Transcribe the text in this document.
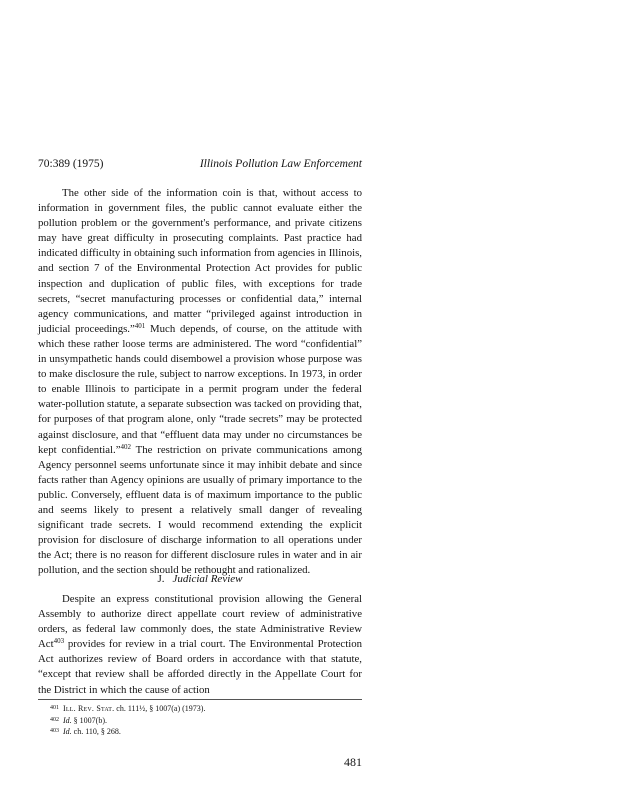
70:389 (1975)	Illinois Pollution Law Enforcement

The other side of the information coin is that, without access to information in government files, the public cannot evaluate either the pollution problem or the government's performance, and private citizens may have great difficulty in prosecuting complaints. Past practice had indicated difficulty in obtaining such information from agencies in Illinois, and section 7 of the Environmental Protection Act provides for public inspection and duplication of public files, with exceptions for trade secrets, “secret manufacturing processes or confidential data,” internal agency communications, and matter “privileged against introduction in judicial proceedings.”$^{401}$ Much depends, of course, on the attitude with which these rather loose terms are administered. The word “confidential” in unsympathetic hands could disembowel a provision whose purpose was to make disclosure the rule, subject to narrow exceptions. In 1973, in order to enable Illinois to participate in a permit program under the federal water-pollution statute, a separate subsection was tacked on providing that, for purposes of that program alone, only “trade secrets” may be protected against disclosure, and that “effluent data may under no circumstances be kept confidential.”$^{402}$ The restriction on private communications among Agency personnel seems unfortunate since it may inhibit debate and since facts rather than Agency opinions are usually of primary importance to the public. Conversely, effluent data is of maximum importance to the public and seems likely to present a relatively small danger of revealing significant trade secrets. I would recommend extending the explicit provision for disclosure of discharge information to all operations under the Act; there is no reason for different disclosure rules in water and in air pollution, and the section should be rethought and rationalized.

J. Judicial Review

Despite an express constitutional provision allowing the General Assembly to authorize direct appellate court review of administrative orders, as federal law commonly does, the state Administrative Review Act$^{403}$ provides for review in a trial court. The Environmental Protection Act authorizes review of Board orders in accordance with that statute, “except that review shall be afforded directly in the Appellate Court for the District in which the cause of action

$^{401}$ Ill. Rev. Stat. ch. 111½, § 1007(a) (1973).
$^{402}$ Id. § 1007(b).
$^{403}$ Id. ch. 110, § 268.
481
